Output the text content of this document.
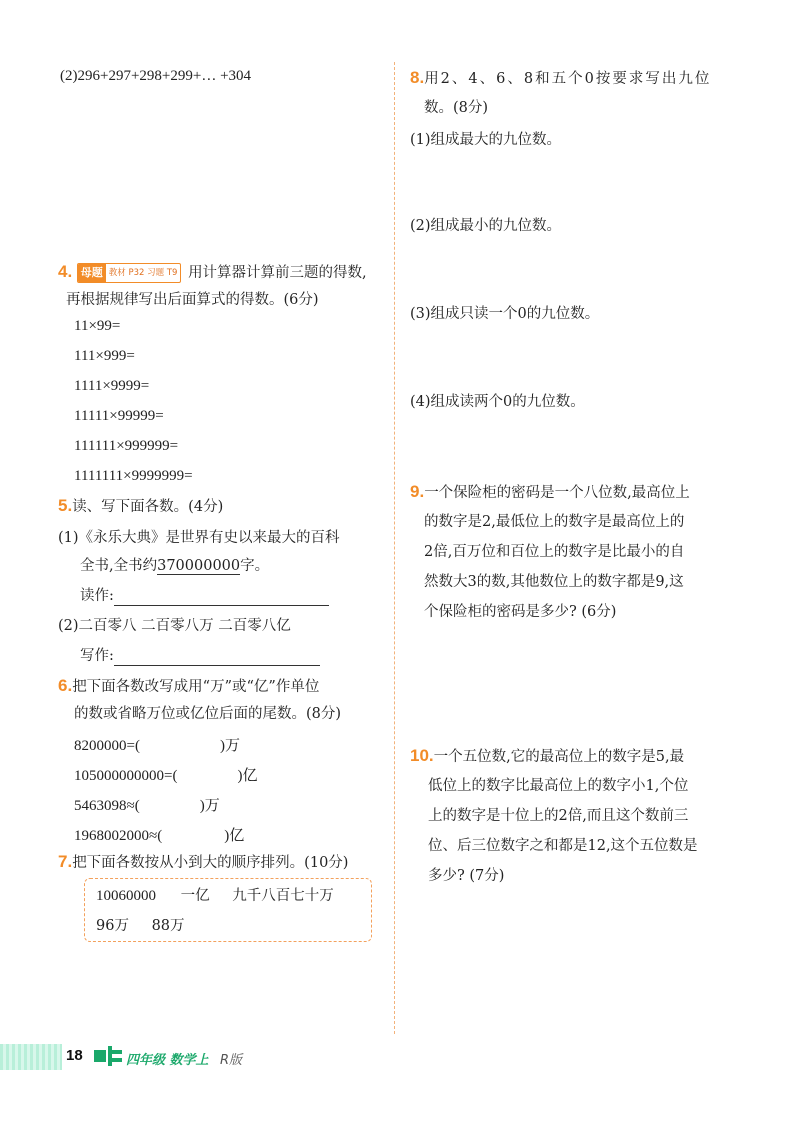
(2)296+297+298+299+… +304
4. 母题 教材 P32 习题 T9 用计算器计算前三题的得数,
再根据规律写出后面算式的得数。(6分)
11×99=
111×999=
1111×9999=
11111×99999=
111111×999999=
1111111×9999999=
5.读、写下面各数。(4分)
(1)《永乐大典》是世界有史以来最大的百科
全书,全书约370000000字。
读作:
(2)二百零八 二百零八万 二百零八亿
写作:
6.把下面各数改写成用“万”或“亿”作单位
的数或省略万位或亿位后面的尾数。(8分)
8200000=(	)万
105000000000=(	)亿
5463098≈(	)万
1968002000≈(	)亿
7.把下面各数按从小到大的顺序排列。(10分)
10060000 一亿 九千八百七十万
96万 88万
8.用2、4、6、8和五个0按要求写出九位
数。(8分)
(1)组成最大的九位数。
(2)组成最小的九位数。
(3)组成只读一个0的九位数。
(4)组成读两个0的九位数。
9.一个保险柜的密码是一个八位数,最高位上
的数字是2,最低位上的数字是最高位上的
2倍,百万位和百位上的数字是比最小的自
然数大3的数,其他数位上的数字都是9,这
个保险柜的密码是多少? (6分)
10.一个五位数,它的最高位上的数字是5,最
低位上的数字比最高位上的数字小1,个位
上的数字是十位上的2倍,而且这个数前三
位、后三位数字之和都是12,这个五位数是
多少? (7分)
18	四年级 数学上 R版
